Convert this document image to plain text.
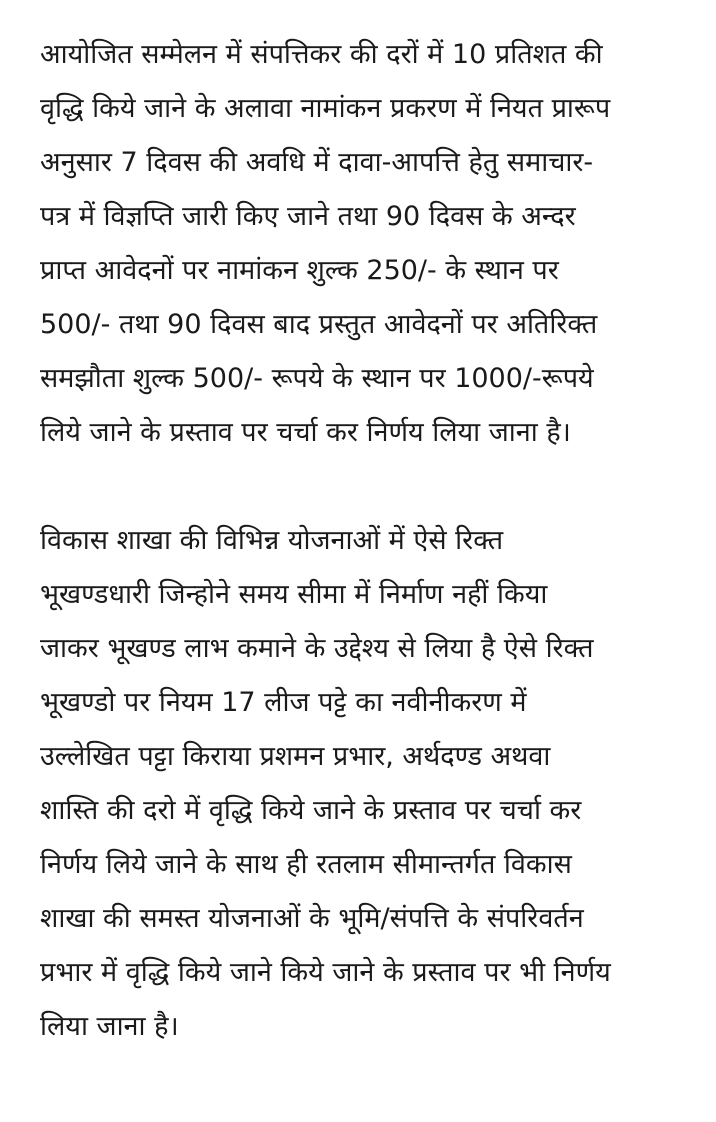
आयोजित सम्मेलन में संपत्तिकर की दरों में 10 प्रतिशत की
वृद्धि किये जाने के अलावा नामांकन प्रकरण में नियत प्रारूप
अनुसार 7 दिवस की अवधि में दावा-आपत्ति हेतु समाचार-
पत्र में विज्ञप्ति जारी किए जाने तथा 90 दिवस के अन्दर
प्राप्त आवेदनों पर नामांकन शुल्क 250/- के स्थान पर
500/- तथा 90 दिवस बाद प्रस्तुत आवेदनों पर अतिरिक्त
समझौता शुल्क 500/- रूपये के स्थान पर 1000/-रूपये
लिये जाने के प्रस्ताव पर चर्चा कर निर्णय लिया जाना है।

विकास शाखा की विभिन्न योजनाओं में ऐसे रिक्त
भूखण्डधारी जिन्होने समय सीमा में निर्माण नहीं किया
जाकर भूखण्ड लाभ कमाने के उद्देश्य से लिया है ऐसे रिक्त
भूखण्डो पर नियम 17 लीज पट्टे का नवीनीकरण में
उल्लेखित पट्टा किराया प्रशमन प्रभार, अर्थदण्ड अथवा
शास्ति की दरो में वृद्धि किये जाने के प्रस्ताव पर चर्चा कर
निर्णय लिये जाने के साथ ही रतलाम सीमान्तर्गत विकास
शाखा की समस्त योजनाओं के भूमि/संपत्ति के संपरिवर्तन
प्रभार में वृद्धि किये जाने किये जाने के प्रस्ताव पर भी निर्णय
लिया जाना है।
